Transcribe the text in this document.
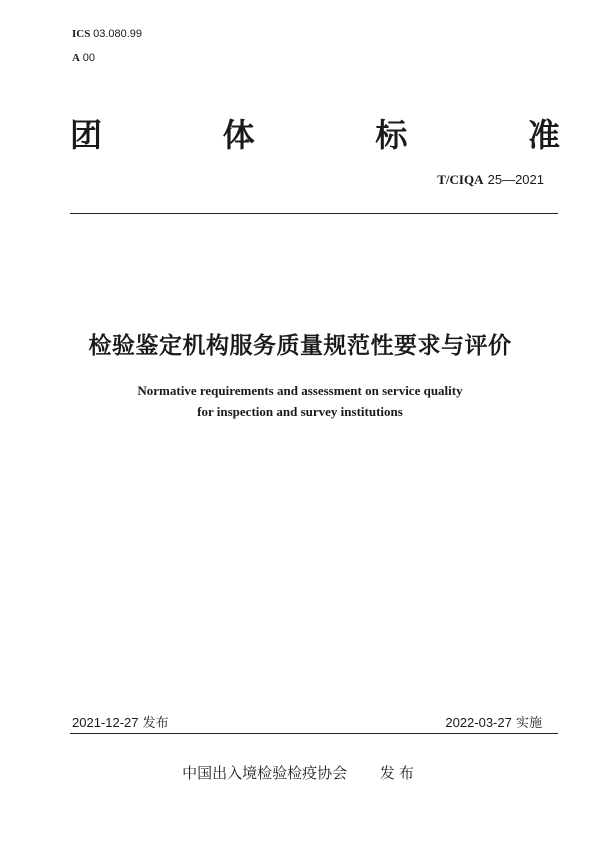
ICS 03.080.99
A 00
团	体	标	准
T/CIQA 25—2021
检验鉴定机构服务质量规范性要求与评价
Normative requirements and assessment on service quality
for inspection and survey institutions
2021-12-27 发布	2022-03-27 实施
中国出入境检验检疫协会 发布
